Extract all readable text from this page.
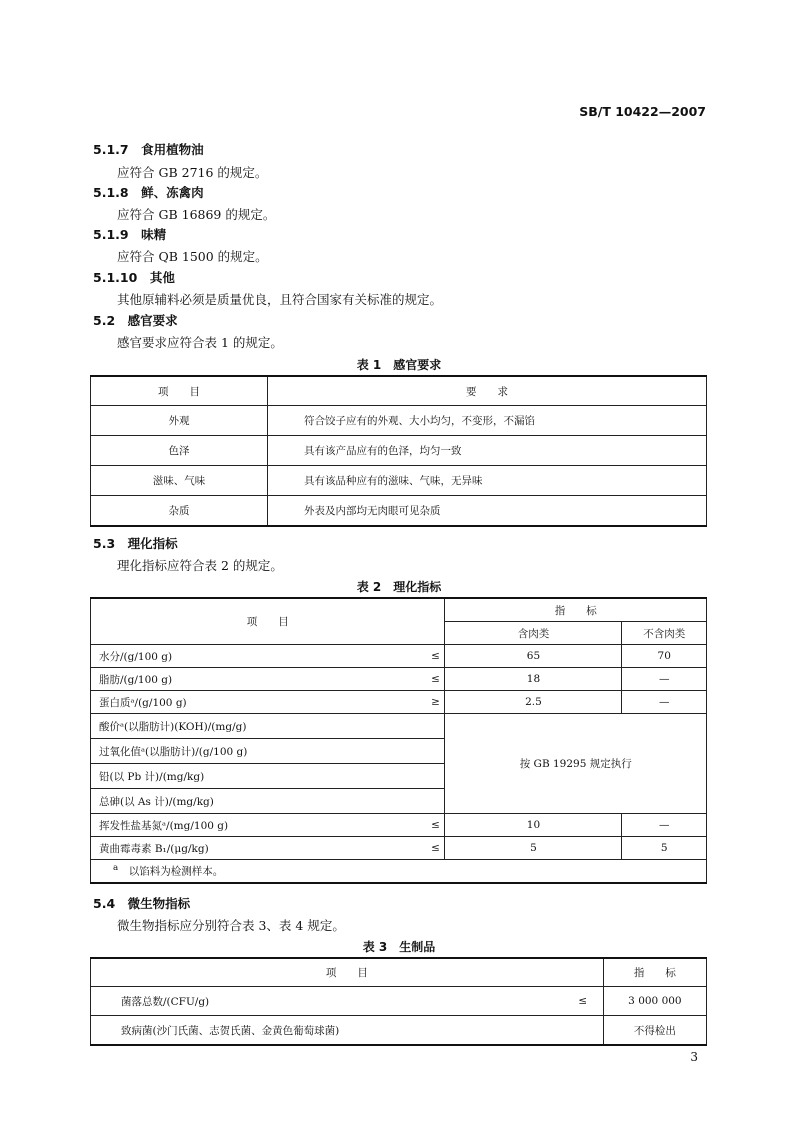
SB/T 10422—2007
5.1.7　 食用植物油
应符合 GB 2716 的规定。
5.1.8　 鲜、冻禽肉
应符合 GB 16869 的规定。
5.1.9　 味精
应符合 QB 1500 的规定。
5.1.10　 其他
其他原辅料必须是质量优良，且符合国家有关标准的规定。
5.2　 感官要求
感官要求应符合表 1 的规定。
表 1　感官要求
项　　目	要　　求
外观	符合饺子应有的外观、大小均匀，不变形，不漏馅
色泽	具有该产品应有的色泽，均匀一致
滋味、气味	具有该品种应有的滋味、气味，无异味
杂质	外表及内部均无肉眼可见杂质
5.3　 理化指标
理化指标应符合表 2 的规定。
表 2　理化指标
项　　目		指　　标	
		含肉类	不含肉类
水分/(g/100 g)	≤	65	70
脂肪/(g/100 g)	≤	18	—
蛋白质ᵃ/(g/100 g)	≥	2.5	—
酸价ᵃ(以脂肪计)(KOH)/(mg/g)		按 GB 19295 规定执行	
过氧化值ᵃ(以脂肪计)/(g/100 g)			
铅(以 Pb 计)/(mg/kg)			
总砷(以 As 计)/(mg/kg)			
挥发性盐基氮ᵃ/(mg/100 g)	≤	10	—
黄曲霉毒素 B₁/(μg/kg)	≤	5	5
$^a$　 以馅料为检测样本。			
5.4　 微生物指标
微生物指标应分别符合表 3、表 4 规定。
表 3　生制品
项　　目		指　　标
菌落总数/(CFU/g)	≤	3 000 000
致病菌(沙门氏菌、志贺氏菌、金黄色葡萄球菌)		不得检出
3
